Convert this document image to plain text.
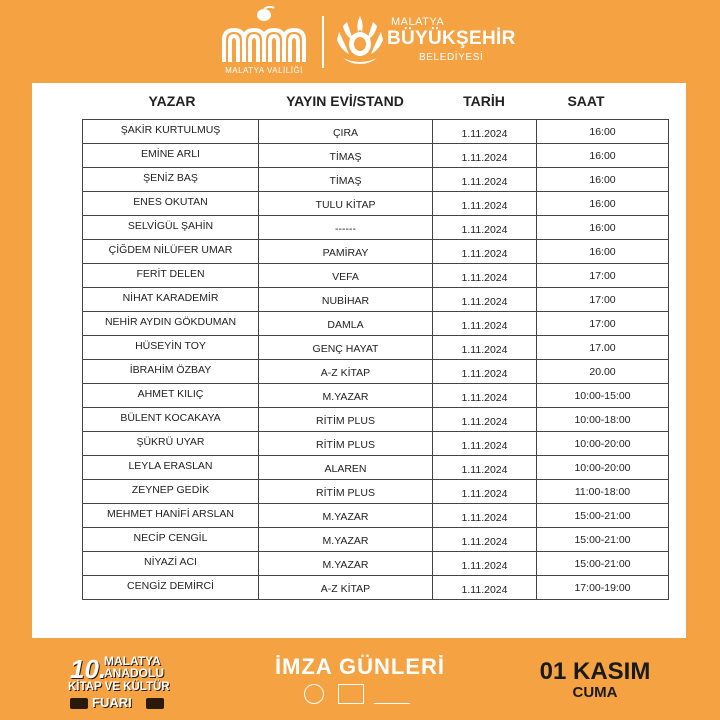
MALATYA VALİLİĞİ
MALATYA
BÜYÜKŞEHİR
BELEDİYESİ
YAZAR	YAYIN EVİ/STAND	TARİH	SAAT
ŞAKİR KURTULMUŞ	ÇIRA	1.11.2024	16:00
EMİNE ARLI	TİMAŞ	1.11.2024	16:00
ŞENİZ BAŞ	TİMAŞ	1.11.2024	16:00
ENES OKUTAN	TULU KİTAP	1.11.2024	16:00
SELVİGÜL ŞAHİN	------	1.11.2024	16:00
ÇİĞDEM NİLÜFER UMAR	PAMİRAY	1.11.2024	16:00
FERİT DELEN	VEFA	1.11.2024	17:00
NİHAT KARADEMİR	NUBİHAR	1.11.2024	17:00
NEHİR AYDIN GÖKDUMAN	DAMLA	1.11.2024	17:00
HÜSEYİN TOY	GENÇ HAYAT	1.11.2024	17.00
İBRAHİM ÖZBAY	A-Z KİTAP	1.11.2024	20.00
AHMET KILIÇ	M.YAZAR	1.11.2024	10:00-15:00
BÜLENT KOCAKAYA	RİTİM PLUS	1.11.2024	10:00-18:00
ŞÜKRÜ UYAR	RİTİM PLUS	1.11.2024	10:00-20:00
LEYLA ERASLAN	ALAREN	1.11.2024	10:00-20:00
ZEYNEP GEDİK	RİTİM PLUS	1.11.2024	11:00-18:00
MEHMET HANİFİ ARSLAN	M.YAZAR	1.11.2024	15:00-21:00
NECİP CENGİL	M.YAZAR	1.11.2024	15:00-21:00
NİYAZİ ACI	M.YAZAR	1.11.2024	15:00-21:00
CENGİZ DEMİRCİ	A-Z KİTAP	1.11.2024	17:00-19:00
10.
MALATYA
ANADOLU
KİTAP VE KÜLTÜR
FUARI
İMZA GÜNLERİ	01 KASIM
CUMA
